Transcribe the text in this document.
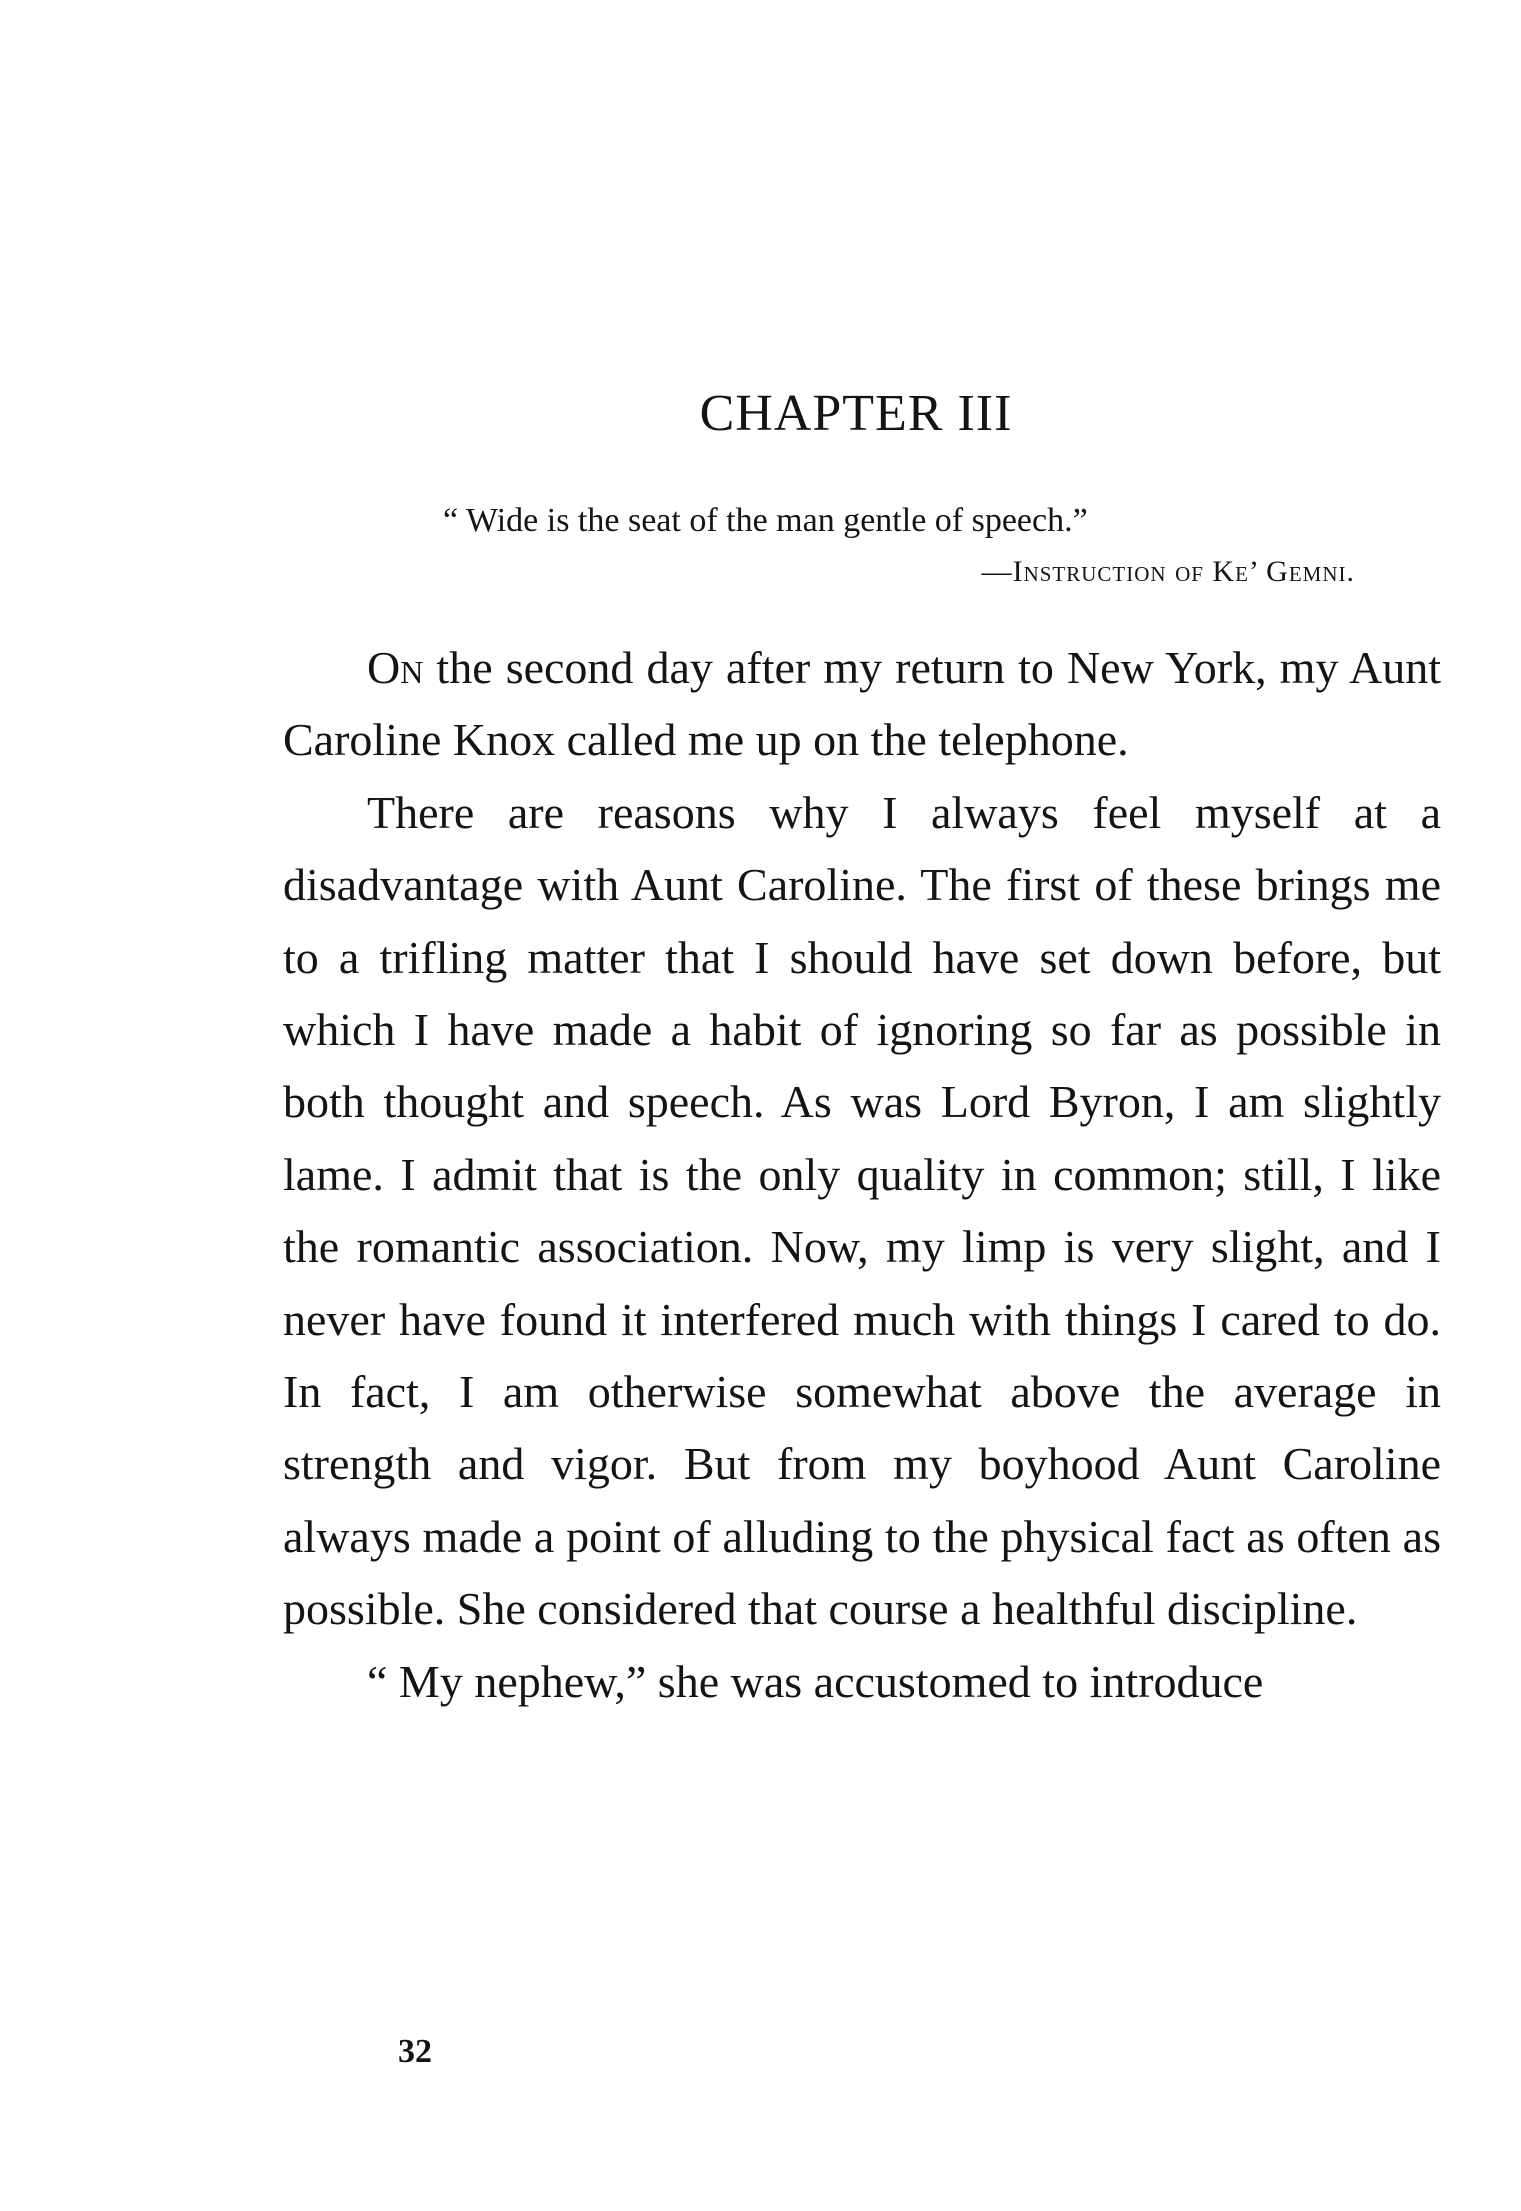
CHAPTER III
“ Wide is the seat of the man gentle of speech.”
—Instruction of Ke’ Gemni.

On the second day after my return to New York, my Aunt Caroline Knox called me up on the telephone.

There are reasons why I always feel myself at a disadvantage with Aunt Caroline. The first of these brings me to a trifling matter that I should have set down before, but which I have made a habit of ignoring so far as possible in both thought and speech. As was Lord Byron, I am slightly lame. I admit that is the only quality in common; still, I like the romantic association. Now, my limp is very slight, and I never have found it interfered much with things I cared to do. In fact, I am otherwise somewhat above the average in strength and vigor. But from my boyhood Aunt Caroline always made a point of alluding to the physical fact as often as possible. She considered that course a healthful discipline.

“ My nephew,” she was accustomed to introduce

32
